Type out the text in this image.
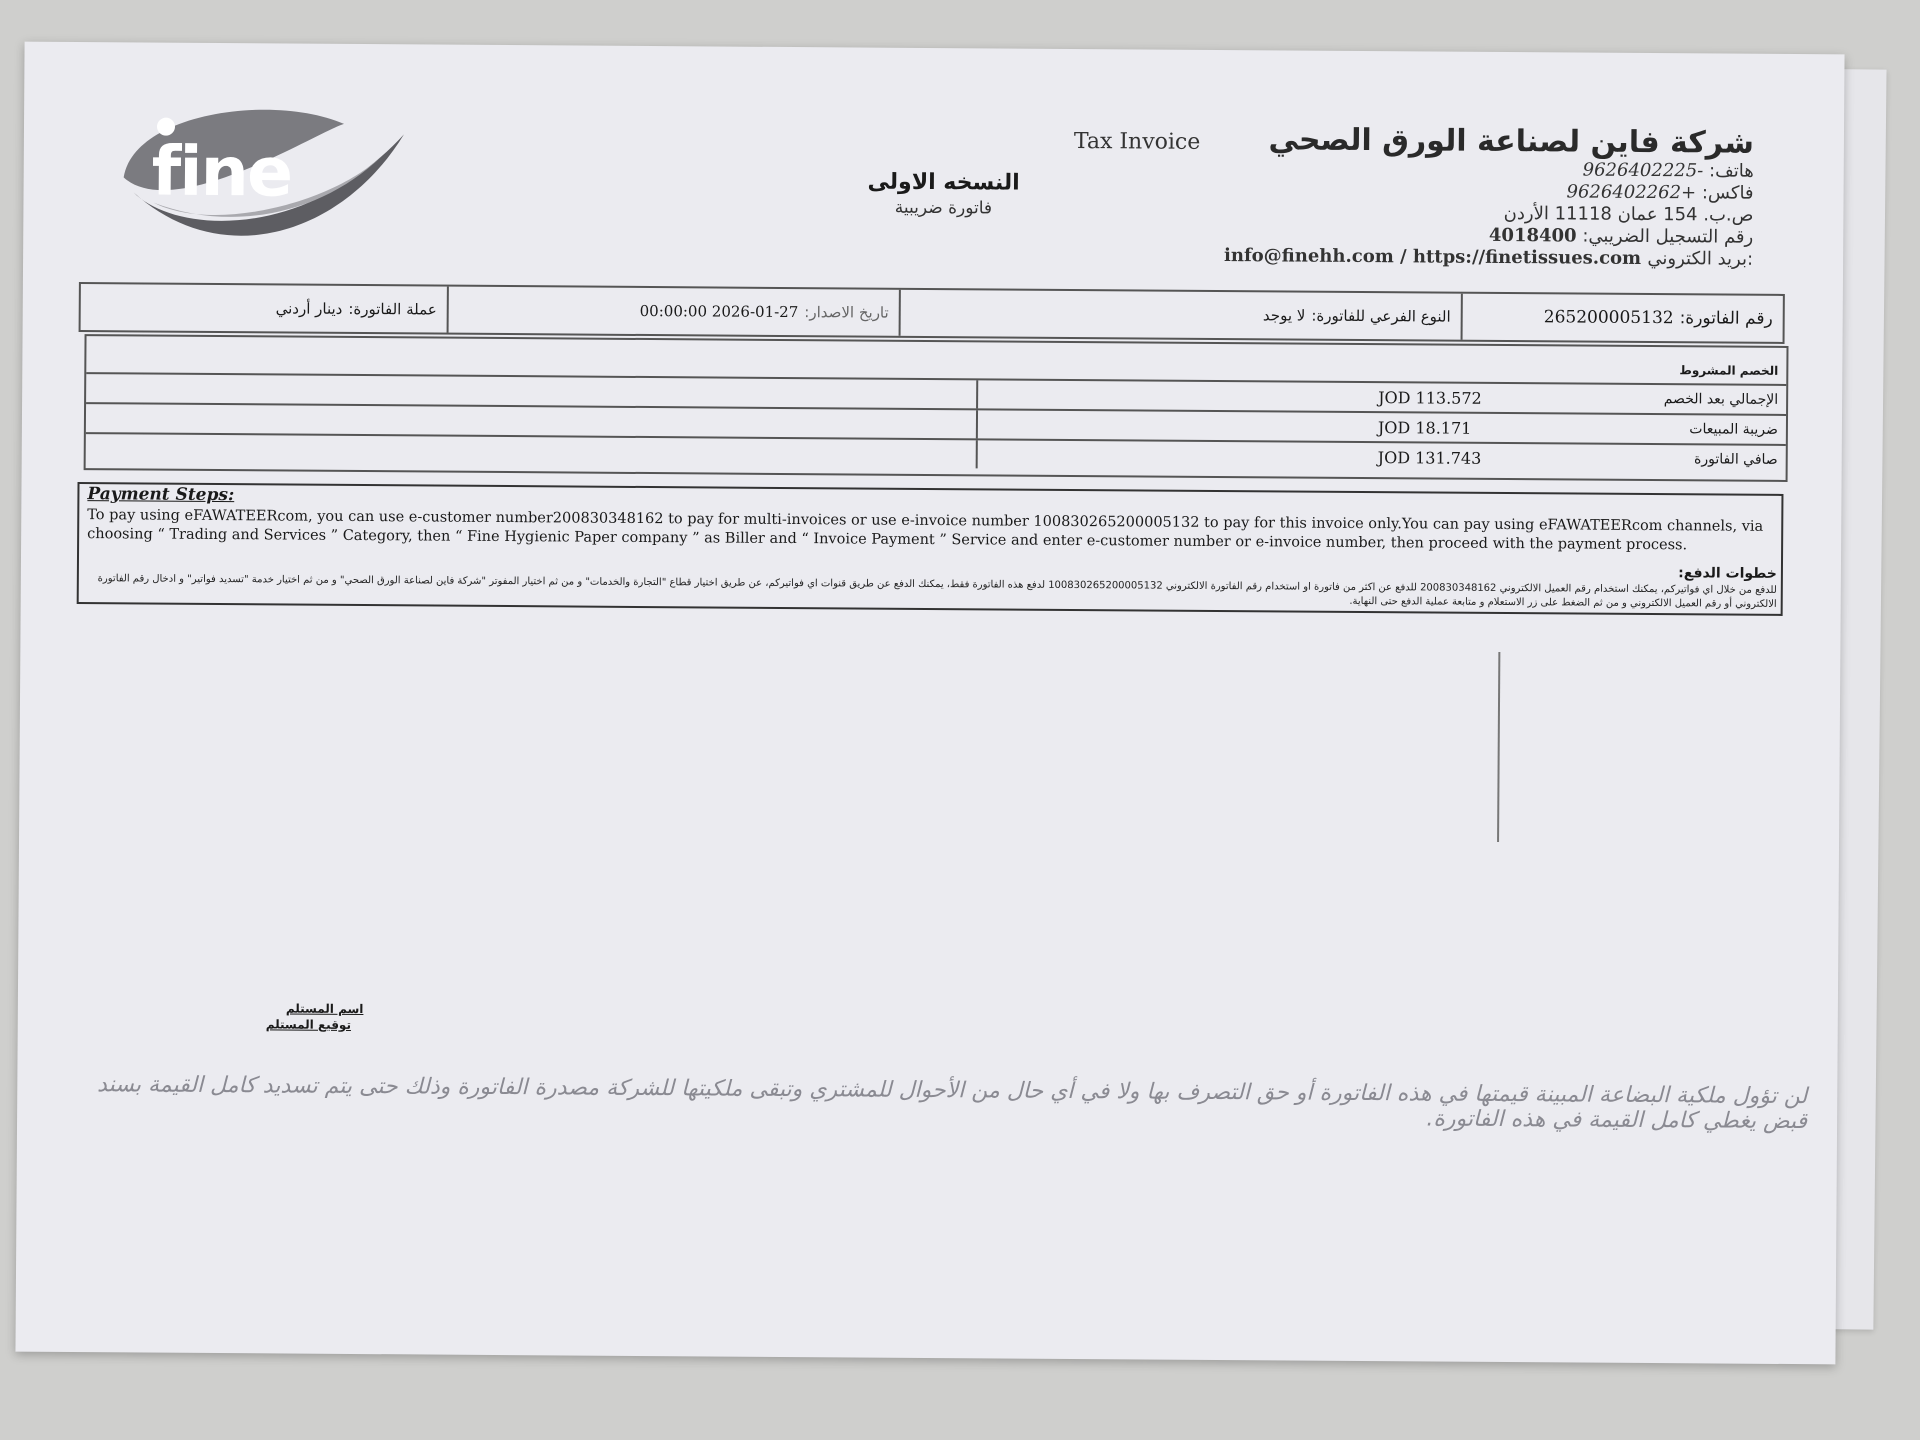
fine	Tax Invoice
النسخه الاولى
فاتورة ضريبية
شركة فاين لصناعة الورق الصحي
هاتف: -9626402225
فاكس: +9626402262
ص.ب. 154 عمان 11118 الأردن
رقم التسجيل الضريبي: 4018400
info@finehh.com / https://finetissues.com بريد الكتروني:
رقم الفاتورة:
265200005132
النوع الفرعي للفاتورة:
لا يوجد
تاريخ الاصدار:
2026-01-27 00:00:00
عملة الفاتورة:
دينار أردني
الخصم المشروط
الإجمالي بعد الخصم
JOD 113.572
ضريبة المبيعات
JOD 18.171
صافي الفاتورة
JOD 131.743
Payment Steps:
To pay using eFAWATEERcom, you can use e-customer number200830348162 to pay for multi-invoices or use e-invoice number 100830265200005132 to pay for this invoice only.You can pay using eFAWATEERcom channels, via choosing “ Trading and Services ” Category, then “ Fine Hygienic Paper company ” as Biller and “ Invoice Payment ” Service and enter e-customer number or e-invoice number, then proceed with the payment process.
خطوات الدفع:
للدفع من خلال اي فواتيركم، يمكنك استخدام رقم العميل الالكتروني 200830348162 للدفع عن اكثر من فاتورة او استخدام رقم الفاتورة الالكتروني 100830265200005132 لدفع هذه الفاتورة فقط، يمكنك الدفع عن طريق قنوات اي فواتيركم، عن طريق اختيار قطاع "التجارة والخدمات" و من ثم اختيار المفوتر "شركة فاين لصناعة الورق الصحي" و من ثم اختيار خدمة "تسديد فواتير" و ادخال رقم الفاتورة الالكتروني أو رقم العميل الالكتروني و من ثم الضغط على زر الاستعلام و متابعة عملية الدفع حتى النهاية.
اسم المستلم
توقيع المستلم
لن تؤول ملكية البضاعة المبينة قيمتها في هذه الفاتورة أو حق التصرف بها ولا في أي حال من الأحوال للمشتري وتبقى ملكيتها للشركة مصدرة الفاتورة وذلك حتى يتم تسديد كامل القيمة بسند قبض يغطي كامل القيمة في هذه الفاتورة.
